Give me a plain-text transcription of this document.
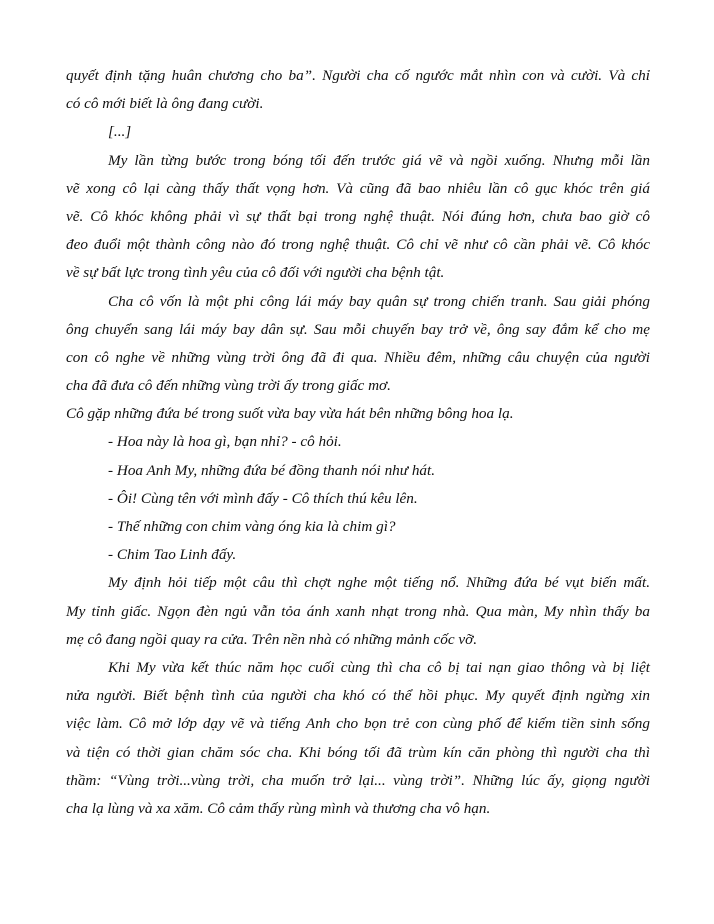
quyết định tặng huân chương cho ba”. Người cha cố ngước mắt nhìn con và cười. Và chỉ
có cô mới biết là ông đang cười.
[...]
My lần từng bước trong bóng tối đến trước giá vẽ và ngồi xuống. Nhưng mỗi lần
vẽ xong cô lại càng thấy thất vọng hơn. Và cũng đã bao nhiêu lần cô gục khóc trên giá
vẽ. Cô khóc không phải vì sự thất bại trong nghệ thuật. Nói đúng hơn, chưa bao giờ cô
đeo đuổi một thành công nào đó trong nghệ thuật. Cô chỉ vẽ như cô cần phải vẽ. Cô khóc
về sự bất lực trong tình yêu của cô đối với người cha bệnh tật.
Cha cô vốn là một phi công lái máy bay quân sự trong chiến tranh. Sau giải phóng
ông chuyển sang lái máy bay dân sự. Sau mỗi chuyến bay trở về, ông say đắm kể cho mẹ
con cô nghe về những vùng trời ông đã đi qua. Nhiều đêm, những câu chuyện của người
cha đã đưa cô đến những vùng trời ấy trong giấc mơ.
Cô gặp những đứa bé trong suốt vừa bay vừa hát bên những bông hoa lạ.
- Hoa này là hoa gì, bạn nhỉ? - cô hỏi.
- Hoa Anh My, những đứa bé đồng thanh nói như hát.
- Ôi! Cùng tên với mình đấy - Cô thích thú kêu lên.
- Thế những con chim vàng óng kia là chim gì?
- Chim Tao Linh đấy.
My định hỏi tiếp một câu thì chợt nghe một tiếng nổ. Những đứa bé vụt biến mất.
My tỉnh giấc. Ngọn đèn ngủ vẫn tỏa ánh xanh nhạt trong nhà. Qua màn, My nhìn thấy ba
mẹ cô đang ngồi quay ra cửa. Trên nền nhà có những mảnh cốc vỡ.
Khi My vừa kết thúc năm học cuối cùng thì cha cô bị tai nạn giao thông và bị liệt
nửa người. Biết bệnh tình của người cha khó có thể hồi phục. My quyết định ngừng xin
việc làm. Cô mở lớp dạy vẽ và tiếng Anh cho bọn trẻ con cùng phố để kiếm tiền sinh sống
và tiện có thời gian chăm sóc cha. Khi bóng tối đã trùm kín căn phòng thì người cha thì
thầm: “Vùng trời...vùng trời, cha muốn trở lại... vùng trời”. Những lúc ấy, giọng người
cha lạ lùng và xa xăm. Cô cảm thấy rùng mình và thương cha vô hạn.
